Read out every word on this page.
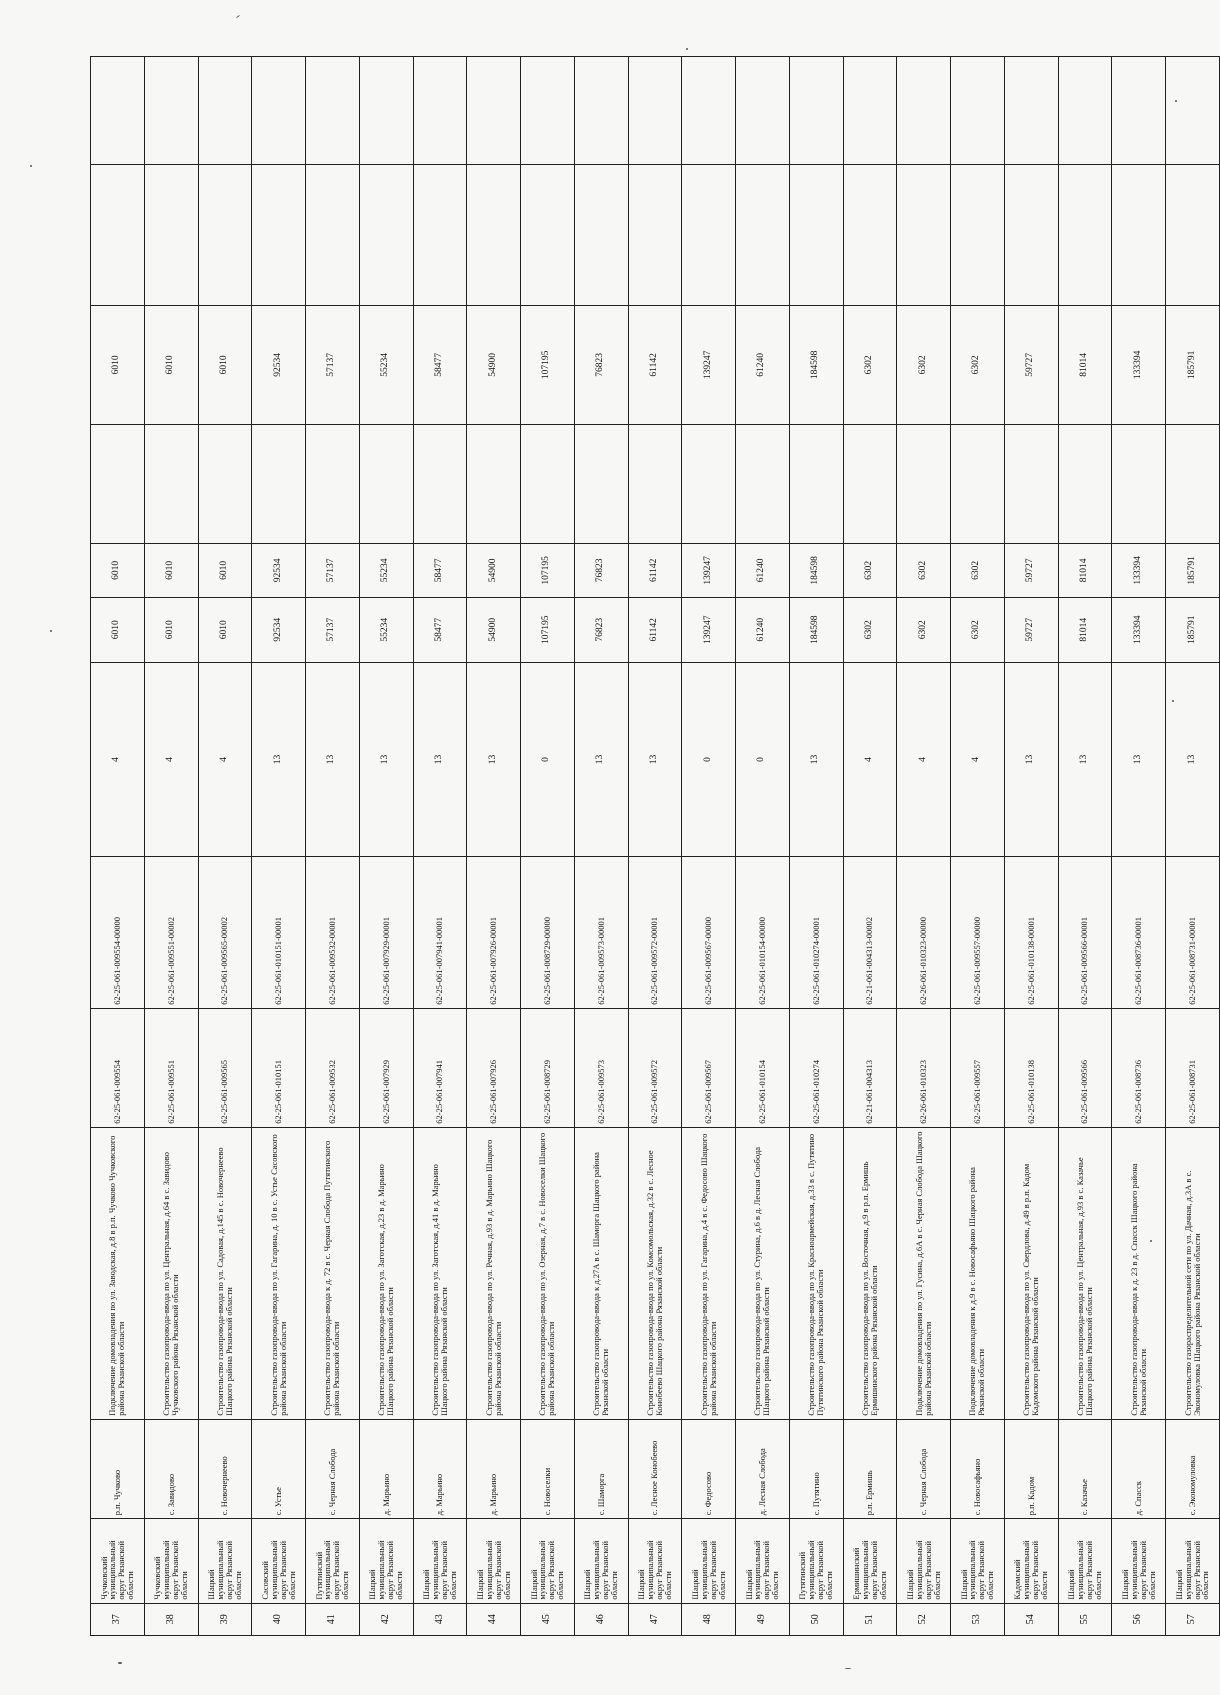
37	Чучковский муниципальный округ Рязанской области	р.п. Чучково	Подключение домовладения по ул. Заводская, д.8 в р.п. Чучково Чучковского района Рязанской области	62-25-061-009554	62-25-061-009554-00000	4	6010	6010		6010		
38	Чучковский муниципальный округ Рязанской области	с. Завидово	Строительство газопровода-ввода по ул. Центральная, д.64 в с. Завидово Чучковского района Рязанской области	62-25-061-009551	62-25-061-009551-00002	4	6010	6010		6010		
39	Шацкий муниципальный округ Рязанской области	с. Новочернеево	Строительство газопровода-ввода по ул. Садовая, д.145 в с. Новочернеево Шацкого района Рязанской области	62-25-061-009565	62-25-061-009565-00002	4	6010	6010		6010		
40	Сасовский муниципальный округ Рязанской области	с. Устье	Строительство газопровода-ввода по ул. Гагарина, д. 10 в с. Устье Сасовского района Рязанской области	62-25-061-010151	62-25-061-010151-00001	13	92534	92534		92534		
41	Путятинский муниципальный округ Рязанской области	с. Черная Слобода	Строительство газопровода-ввода к д. 72 в с. Черная Слобода Путятинского района Рязанской области	62-25-061-009532	62-25-061-009532-00001	13	57137	57137		57137		
42	Шацкий муниципальный округ Рязанской области	д. Марьино	Строительство газопровода-ввода по ул. Заготская, д.23 в д. Марьино Шацкого района Рязанской области	62-25-061-007929	62-25-061-007929-00001	13	55234	55234		55234		
43	Шацкий муниципальный округ Рязанской области	д. Марьино	Строительство газопровода-ввода по ул. Заготская, д.41 в д. Марьино Шацкого района Рязанской области	62-25-061-007941	62-25-061-007941-00001	13	58477	58477		58477		
44	Шацкий муниципальный округ Рязанской области	д. Марьино	Строительство газопровода-ввода по ул. Речная, д.93 в д. Марьино Шацкого района Рязанской области	62-25-061-007926	62-25-061-007926-00001	13	54900	54900		54900		
45	Шацкий муниципальный округ Рязанской области	с. Новоселки	Строительство газопровода-ввода по ул. Озерная, д.7 в с. Новоселки Шацкого района Рязанской области	62-25-061-008729	62-25-061-008729-00000	0	107195	107195		107195		
46	Шацкий муниципальный округ Рязанской области	с. Шаморга	Строительство газопровода-ввода к д.27А в с. Шаморга Шацкого района Рязанской области	62-25-061-009573	62-25-061-009573-00001	13	76823	76823		76823		
47	Шацкий муниципальный округ Рязанской области	с. Лесное Конобеево	Строительство газопровода-ввода по ул. Комсомольская, д.32 в с. Лесное Конобеево Шацкого района Рязанской области	62-25-061-009572	62-25-061-009572-00001	13	61142	61142		61142		
48	Шацкий муниципальный округ Рязанской области	с. Федосово	Строительство газопровода-ввода по ул. Гагарина, д.4 в с. Федосово Шацкого района Рязанской области	62-25-061-009567	62-25-061-009567-00000	0	139247	139247		139247		
49	Шацкий муниципальный округ Рязанской области	д. Лесная Слобода	Строительство газопровода-ввода по ул. Стурина, д.6 в д. Лесная Слобода Шацкого района Рязанской области	62-25-061-010154	62-25-061-010154-00000	0	61240	61240		61240		
50	Путятинский муниципальный округ Рязанской области	с. Путятино	Строительство газопровода-ввода по ул. Красноармейская, д.33 в с. Путятино Путятинского района Рязанской области	62-25-061-010274	62-25-061-010274-00001	13	184598	184598		184598		
51	Ермишинский муниципальный округ Рязанской области	р.п. Ермишь	Строительство газопровода-ввода по ул. Восточная, д.9 в р.п. Ермишь Ермишинского района Рязанской области	62-21-061-004313	62-21-061-004313-00002	4	6302	6302		6302		
52	Шацкий муниципальный округ Рязанской области	с. Черная Слобода	Подключение домовладения по ул. Гусина, д.6А в с. Черная Слобода Шацкого района Рязанской области	62-26-061-010323	62-26-061-010323-00000	4	6302	6302		6302		
53	Шацкий муниципальный округ Рязанской области	с. Новосафьяно	Подключение домовладения к д.9 в с. Новосафьяно Шацкого района Рязанской области	62-25-061-009557	62-25-061-009557-00000	4	6302	6302		6302		
54	Кадомский муниципальный округ Рязанской области	р.п. Кадом	Строительство газопровода-ввода по ул. Свердлова, д.49 в р.п. Кадом Кадомского района Рязанской области	62-25-061-010138	62-25-061-010138-00001	13	59727	59727		59727		
55	Шацкий муниципальный округ Рязанской области	с. Казачье	Строительство газопровода-ввода по ул. Центральная, д.93 в с. Казачье Шацкого района Рязанской области	62-25-061-009566	62-25-061-009566-00001	13	81014	81014		81014		
56	Шацкий муниципальный округ Рязанской области	д. Спасск	Строительство газопровода-ввода к д. 23 в д. Спасск Шацкого района Рязанской области	62-25-061-008736	62-25-061-008736-00001	13	133394	133394		133394		
57	Шацкий муниципальный округ Рязанской области	с. Экономуловка	Строительство газораспределительной сети по ул. Дачная, д.3А в с. Экономуловка Шацкого района Рязанской области	62-25-061-008731	62-25-061-008731-00001	13	185791	185791		185791		
